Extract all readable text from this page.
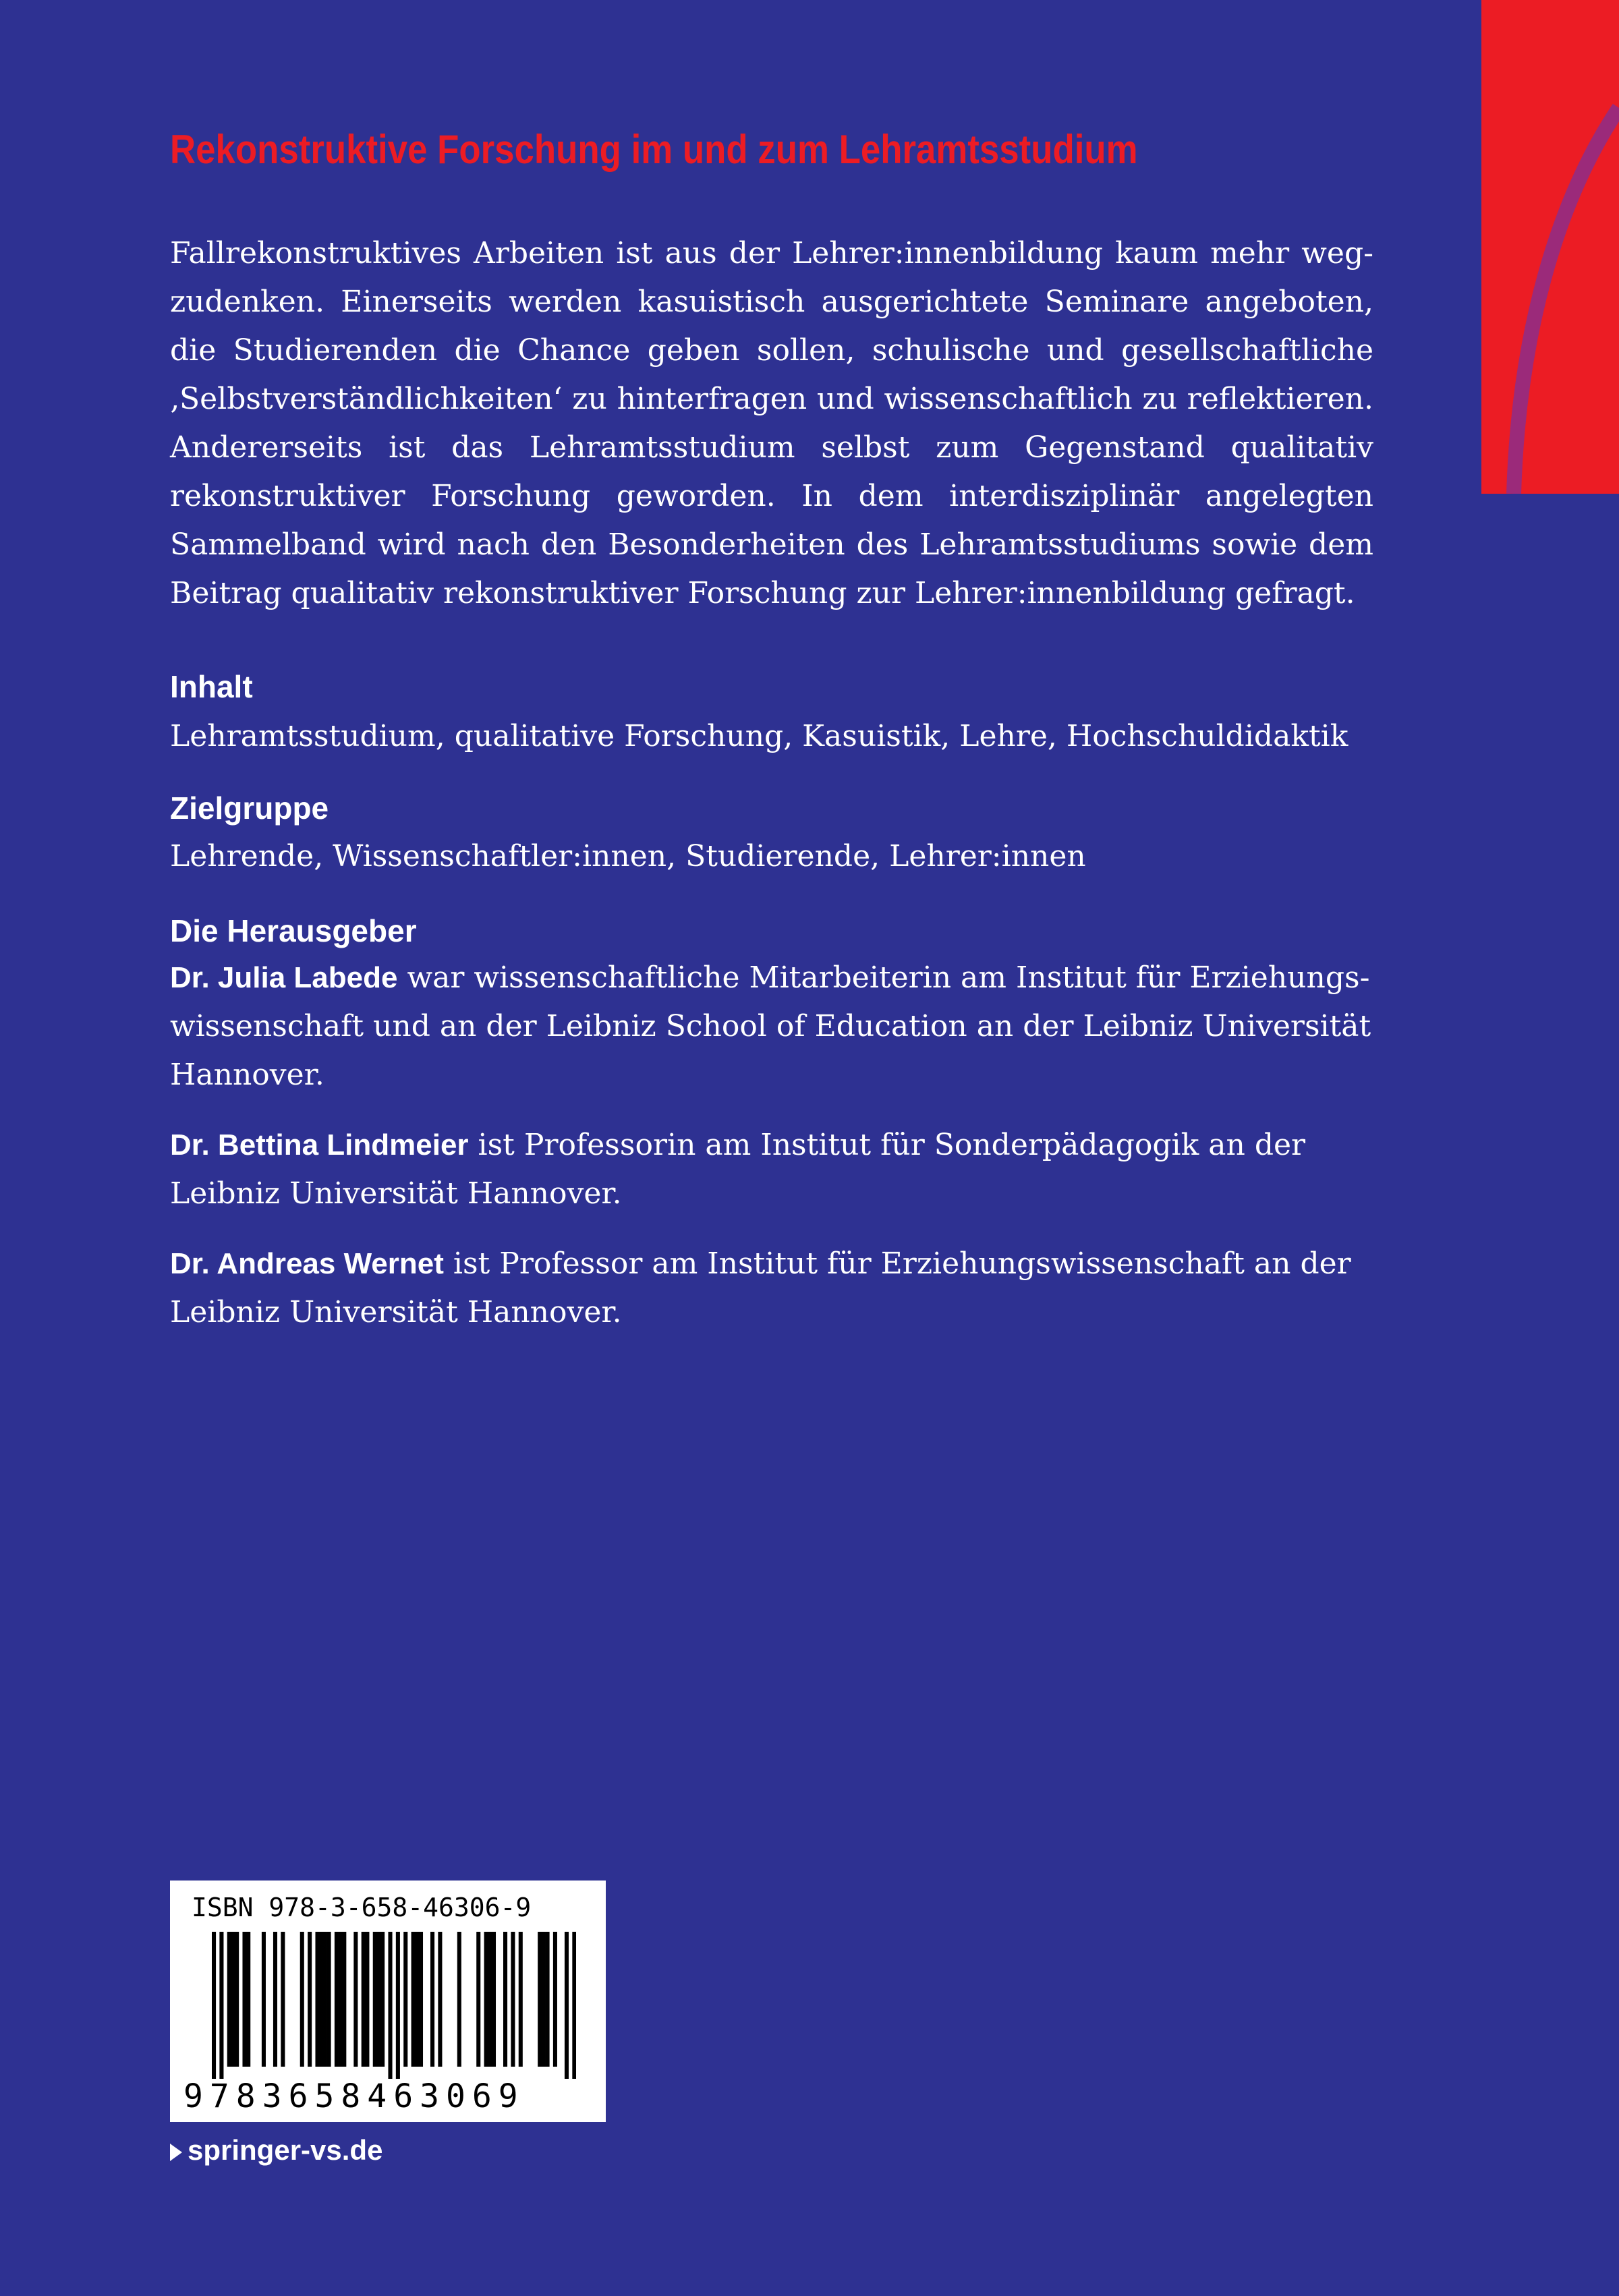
Rekonstruktive Forschung im und zum Lehramtsstudium

Fallrekonstruktives Arbeiten ist aus der Lehrer:innenbildung kaum mehr wegzudenken. Einerseits werden kasuistisch ausgerichtete Seminare angeboten, die Studierenden die Chance geben sollen, schulische und gesellschaftliche ‚Selbstverständlichkeiten‘ zu hinterfragen und wissenschaftlich zu reflektieren. Andererseits ist das Lehramtsstudium selbst zum Gegenstand qualitativ rekonstruktiver Forschung geworden. In dem interdisziplinär angelegten Sammelband wird nach den Besonderheiten des Lehramtsstudiums sowie dem Beitrag qualitativ rekonstruktiver Forschung zur Lehrer:innenbildung gefragt.

Inhalt

Lehramtsstudium, qualitative Forschung, Kasuistik, Lehre, Hochschuldidaktik

Zielgruppe

Lehrende, Wissenschaftler:innen, Studierende, Lehrer:innen

Die Herausgeber

Dr. Julia Labede war wissenschaftliche Mitarbeiterin am Institut für Erziehungswissenschaft und an der Leibniz School of Education an der Leibniz Universität Hannover.

Dr. Bettina Lindmeier ist Professorin am Institut für Sonderpädagogik an der Leibniz Universität Hannover.

Dr. Andreas Wernet ist Professor am Institut für Erziehungswissenschaft an der Leibniz Universität Hannover.

ISBN 978-3-658-46306-9

9783658463069

springer-vs.de
